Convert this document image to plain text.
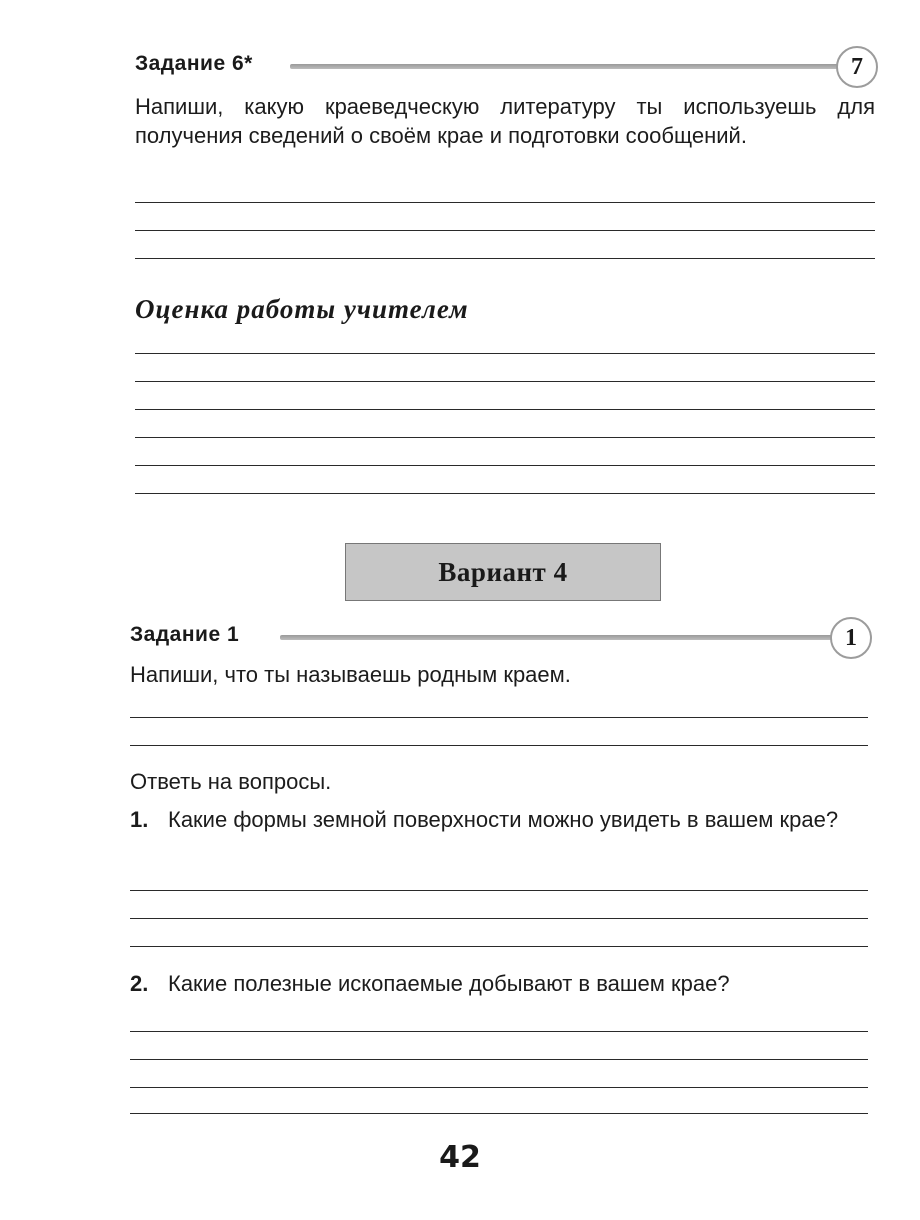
Задание 6*	7
Напиши, какую краеведческую литературу ты используешь для получения сведений о своём крае и подготовки сообщений.
Оценка работы учителем
Вариант 4
Задание 1	1
Напиши, что ты называешь родным краем.
Ответь на вопросы.
1. Какие формы земной поверхности можно увидеть в вашем крае?
2. Какие полезные ископаемые добывают в вашем крае?
42
